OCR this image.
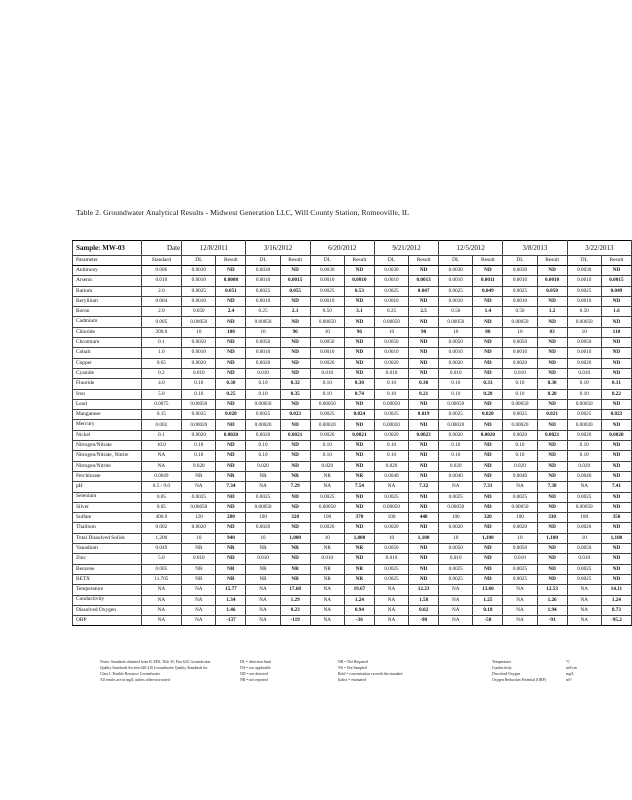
Table 2. Groundwater Analytical Results - Midwest Generation LLC, Will County Station, Romeoville, IL
Sample: MW-03	Date	12/8/2011		3/16/2012		6/20/2012		9/21/2012		12/5/2012		3/8/2013		3/22/2013	
Parameter	Standard	DL	Result	DL	Result	DL	Result	DL	Result	DL	Result	DL	Result	DL	Result
Antimony	0.006	0.0030	ND	0.0030	ND	0.0030	ND	0.0030	ND	0.0030	ND	0.0030	ND	0.0030	ND
Arsenic	0.010	0.0010	0.0008	0.0010	0.0015	0.0010	0.0010	0.0010	0.0013	0.0010	0.0011	0.0010	0.0010	0.0010	0.0015
Barium	2.0	0.0025	0.051	0.0025	0.055	0.0025	0.53	0.0025	0.047	0.0025	0.049	0.0025	0.050	0.0025	0.049
Beryllium	0.004	0.0010	ND	0.0010	ND	0.0010	ND	0.0010	ND	0.0010	ND	0.0010	ND	0.0010	ND
Boron	2.0	0.050	2.4	0.25	2.1	0.50	3.1	0.25	2.5	0.50	1.4	0.50	1.2	0.50	1.6
Cadmium	0.005	0.00050	ND	0.00050	ND	0.00050	ND	0.00050	ND	0.00050	ND	0.00050	ND	0.00050	ND
Chloride	200.0	10	100	10	96	10	96	10	90	10	80	10	83	10	110
Chromium	0.1	0.0050	ND	0.0050	ND	0.0050	ND	0.0050	ND	0.0050	ND	0.0050	ND	0.0050	ND
Cobalt	1.0	0.0010	ND	0.0010	ND	0.0010	ND	0.0010	ND	0.0010	ND	0.0010	ND	0.0010	ND
Copper	0.65	0.0020	ND	0.0020	ND	0.0020	ND	0.0020	ND	0.0020	ND	0.0020	ND	0.0020	ND
Cyanide	0.2	0.010	ND	0.010	ND	0.010	ND	0.010	ND	0.010	ND	0.010	ND	0.010	ND
Fluoride	4.0	0.10	0.30	0.10	0.32	0.10	0.30	0.10	0.30	0.10	0.33	0.10	0.30	0.10	0.31
Iron	5.0	0.10	0.25	0.10	0.35	0.10	0.74	0.10	0.21	0.10	0.28	0.10	0.20	0.10	0.22
Lead	0.0075	0.00050	ND	0.00050	ND	0.00050	ND	0.00050	ND	0.00050	ND	0.00050	ND	0.00050	ND
Manganese	0.15	0.0025	0.020	0.0025	0.023	0.0025	0.024	0.0025	0.019	0.0025	0.020	0.0025	0.021	0.0025	0.023
Mercury	0.002	0.00020	ND	0.00020	ND	0.00020	ND	0.00020	ND	0.00020	ND	0.00020	ND	0.00020	ND
Nickel	0.1	0.0020	0.0020	0.0020	0.0021	0.0020	0.0021	0.0020	0.0023	0.0020	0.0020	0.0020	0.0021	0.0020	0.0020
Nitrogen/Nitrate	10.0	0.10	ND	0.10	ND	0.10	ND	0.10	ND	0.10	ND	0.10	ND	0.10	ND
Nitrogen/Nitrate, Nitrite	NA	0.10	ND	0.10	ND	0.10	ND	0.10	ND	0.10	ND	0.10	ND	0.10	ND
Nitrogen/Nitrite	NA	0.020	ND	0.020	ND	0.020	ND	0.020	ND	0.020	ND	0.020	ND	0.020	ND
Perchlorate	0.0049	NR	NR	NR	NR	NR	NR	0.0040	ND	0.0040	ND	0.0040	ND	0.0040	ND
pH	6.5 - 9.0	NA	7.34	NA	7.29	NA	7.54	NA	7.32	NA	7.31	NA	7.38	NA	7.41
Selenium	0.05	0.0025	ND	0.0025	ND	0.0025	ND	0.0025	ND	0.0025	ND	0.0025	ND	0.0025	ND
Silver	0.05	0.00050	ND	0.00050	ND	0.00050	ND	0.00050	ND	0.00050	ND	0.00050	ND	0.00050	ND
Sulfate	400.0	120	280	100	320	100	370	100	440	100	320	100	330	100	350
Thallium	0.002	0.0020	ND	0.0020	ND	0.0020	ND	0.0020	ND	0.0020	ND	0.0020	ND	0.0020	ND
Total Dissolved Solids	1,200	10	940	10	1,000	10	1,000	10	1,100	10	1,100	10	1,100	10	1,100
Vanadium	0.049	NR	NR	NR	NR	NR	NR	0.0050	ND	0.0050	ND	0.0050	ND	0.0050	ND
Zinc	5.0	0.010	ND	0.010	ND	0.010	ND	0.010	ND	0.010	ND	0.010	ND	0.010	ND
Benzene	0.005	NR	NR	NR	NR	NR	NR	0.0025	ND	0.0025	ND	0.0025	ND	0.0025	ND
BETX	11.705	NR	NR	NR	NR	NR	NR	0.0025	ND	0.0025	ND	0.0025	ND	0.0025	ND
Temperature	NA	NA	15.77	NA	17.68	NA	19.67	NA	12.23	NA	13.60	NA	12.53	NA	14.11
Conductivity	NA	NA	1.34	NA	1.29	NA	1.24	NA	1.58	NA	1.25	NA	1.26	NA	1.24
Dissolved Oxygen	NA	NA	1.46	NA	0.23	NA	0.94	NA	0.02	NA	0.18	NA	1.94	NA	0.73
ORP	NA	NA	-137	NA	-119	NA	-36	NA	-90	NA	-58	NA	-91	NA	-95.2
Notes: Standards obtained from IL EPA, Title 35, Part 620, Groundwater
Quality Standards Section 620.410 Groundwater Quality Standards for
Class I: Potable Resource Groundwater
All results are in mg/L unless otherwise noted
DL = detection limit
NA = not applicable
ND = not detected
NR = not reported
NR = Not Required
NS = Not Sampled
Bold = concentration exceeds the standard
Italics = estimated
Temperature
Conductivity
Dissolved Oxygen
Oxygen Reduction Potential (ORP)
°C
mS/cm
mg/L
mV
